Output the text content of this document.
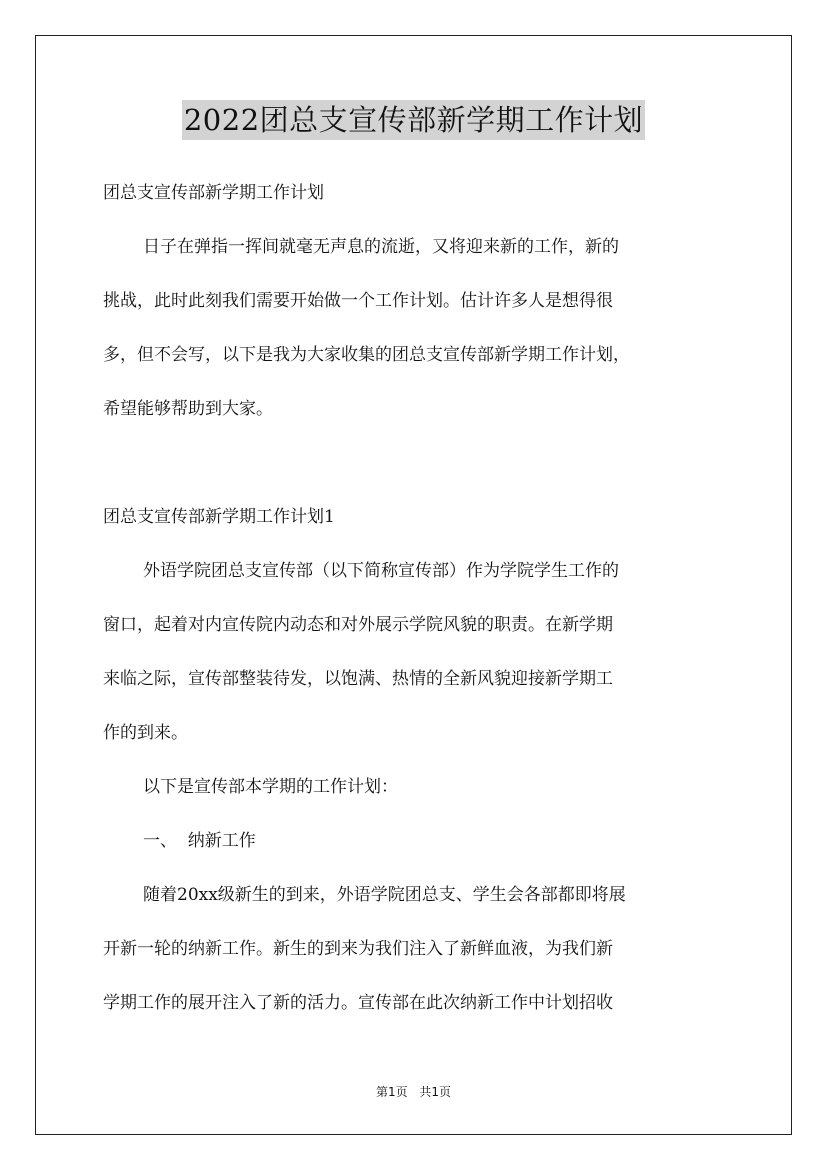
2022团总支宣传部新学期工作计划
团总支宣传部新学期工作计划
日子在弹指一挥间就毫无声息的流逝，又将迎来新的工作，新的
挑战，此时此刻我们需要开始做一个工作计划。估计许多人是想得很
多，但不会写，以下是我为大家收集的团总支宣传部新学期工作计划，
希望能够帮助到大家。
团总支宣传部新学期工作计划1
外语学院团总支宣传部（以下简称宣传部）作为学院学生工作的
窗口，起着对内宣传院内动态和对外展示学院风貌的职责。在新学期
来临之际，宣传部整装待发，以饱满、热情的全新风貌迎接新学期工
作的到来。
以下是宣传部本学期的工作计划：
一、  纳新工作
随着20xx级新生的到来，外语学院团总支、学生会各部都即将展
开新一轮的纳新工作。新生的到来为我们注入了新鲜血液，为我们新
学期工作的展开注入了新的活力。宣传部在此次纳新工作中计划招收
第1页 共1页
